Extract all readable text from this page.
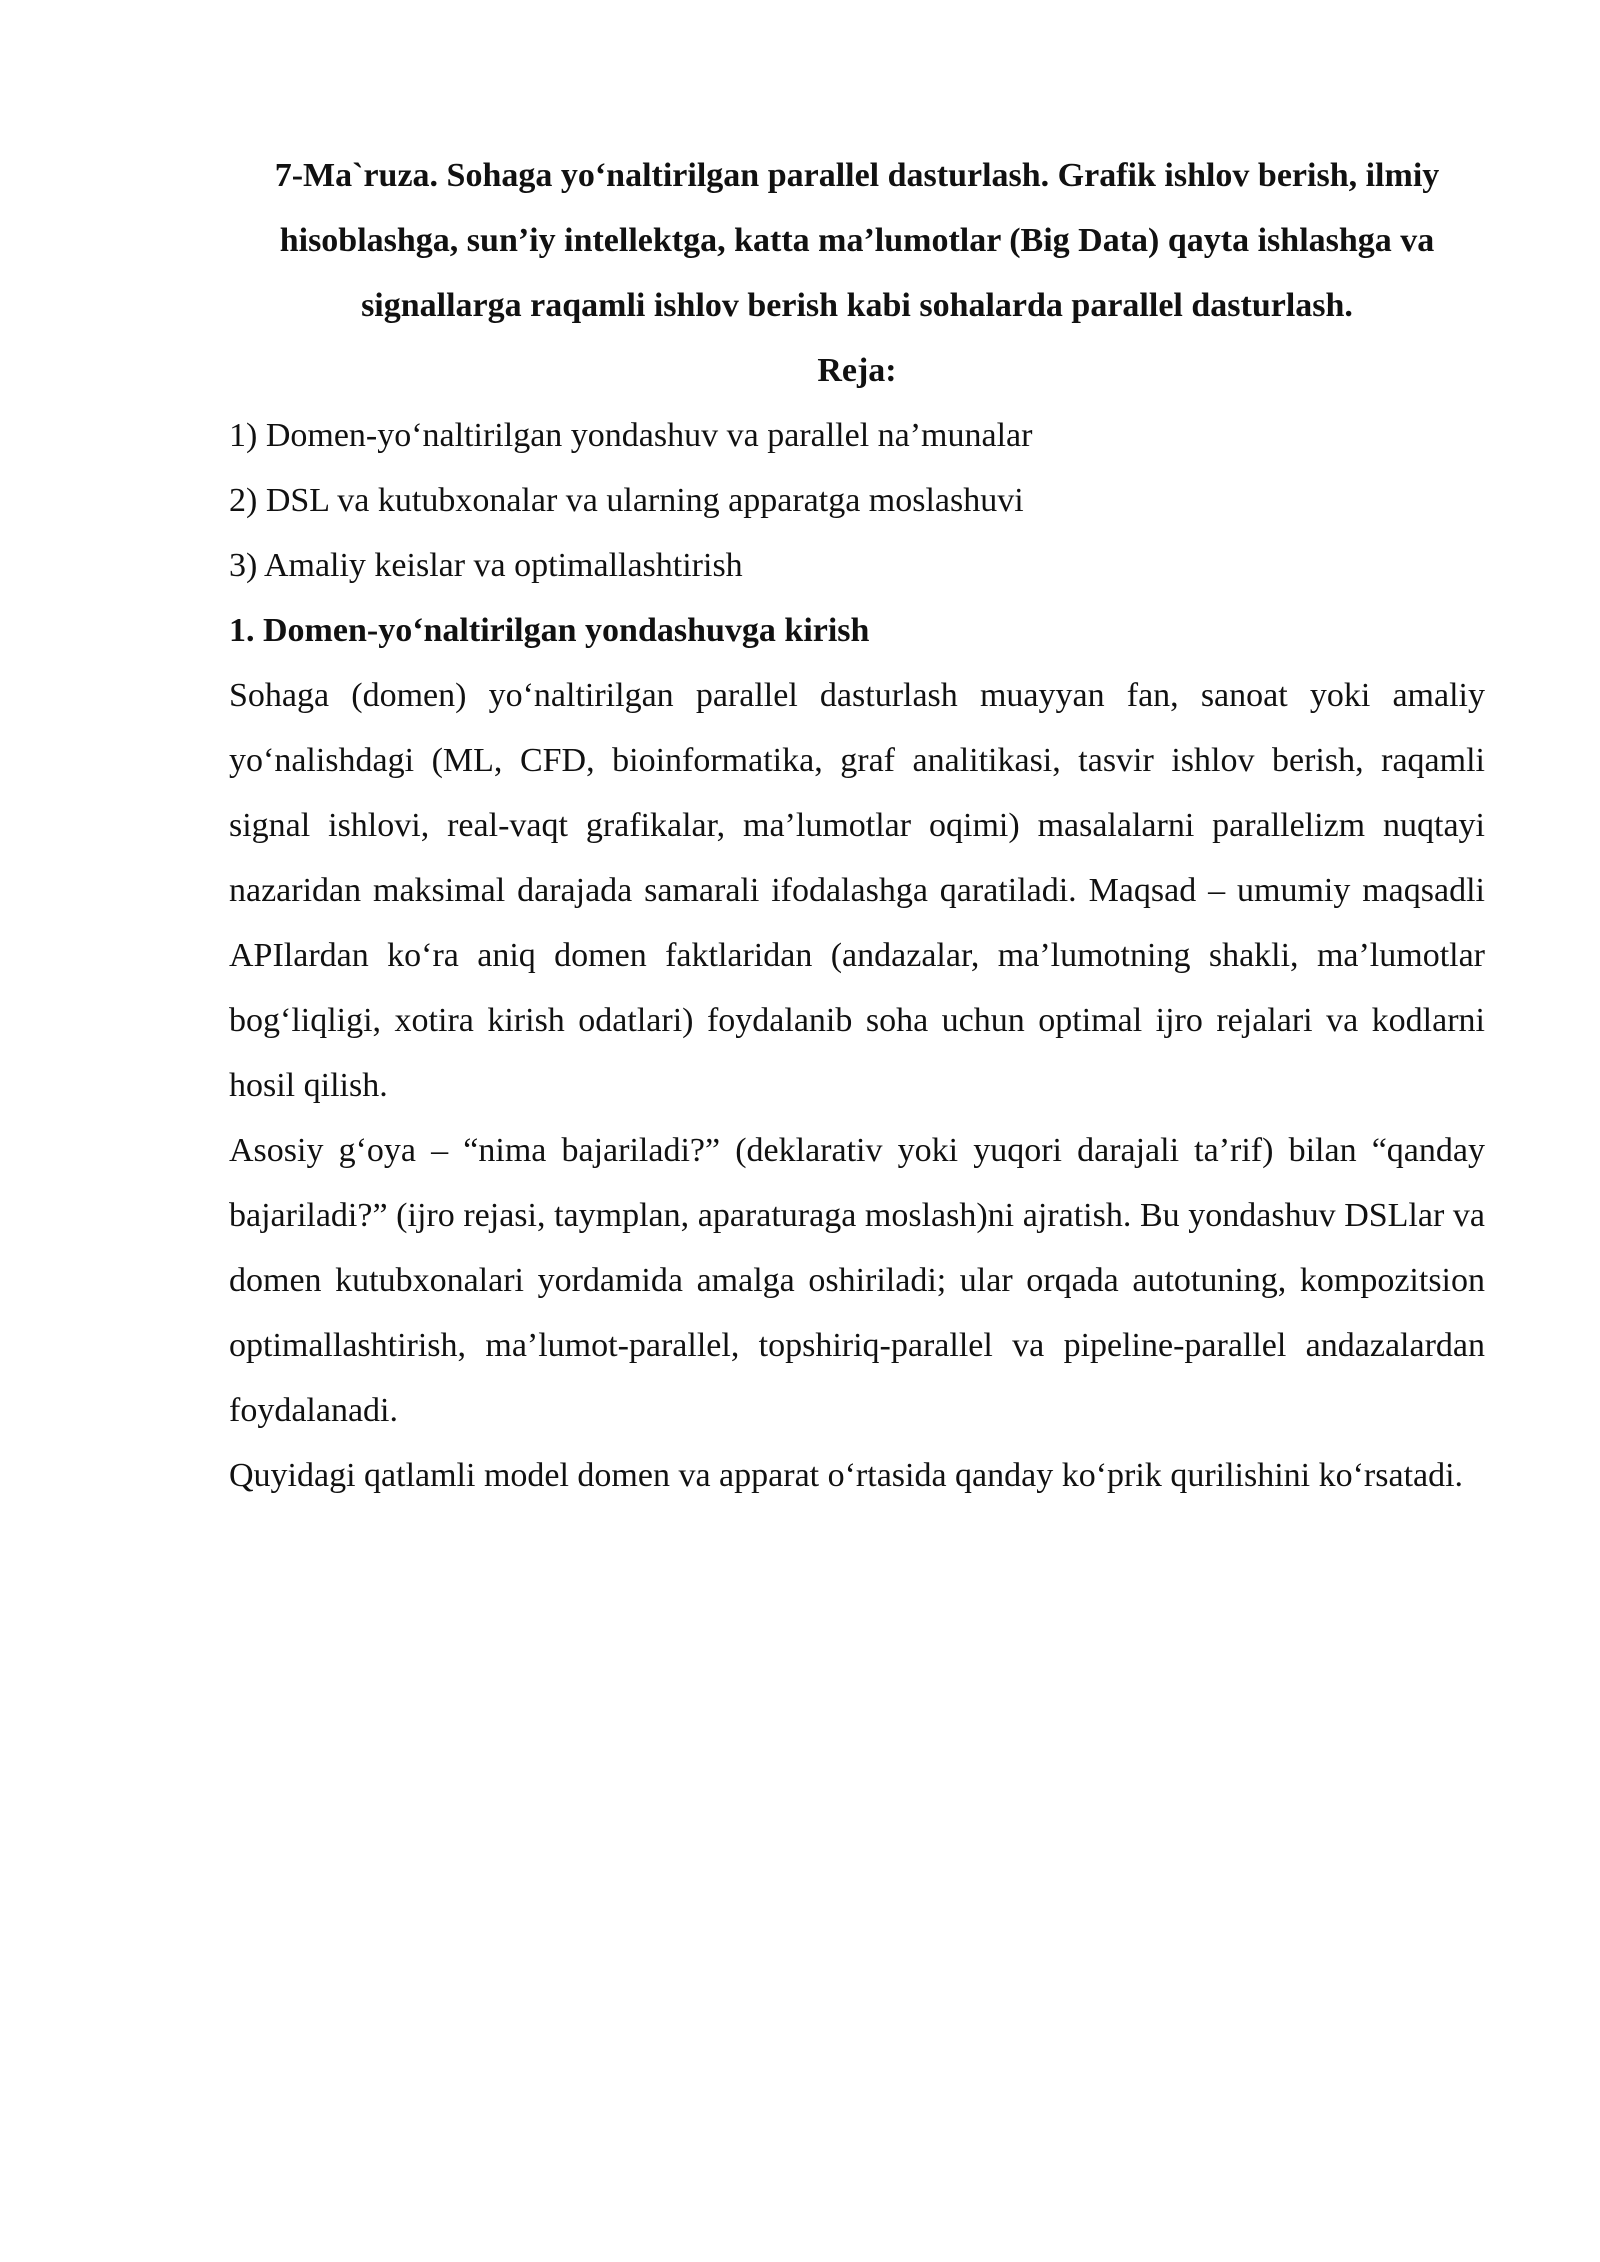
7-Ma`ruza. Sohaga yo‘naltirilgan parallel dasturlash. Grafik ishlov berish, ilmiy hisoblashga, sun’iy intellektga, katta ma’lumotlar (Big Data) qayta ishlashga va signallarga raqamli ishlov berish kabi sohalarda parallel dasturlash.

Reja:

1) Domen-yo‘naltirilgan yondashuv va parallel na’munalar
2) DSL va kutubxonalar va ularning apparatga moslashuvi
3) Amaliy keislar va optimallashtirish

1. Domen-yo‘naltirilgan yondashuvga kirish

Sohaga (domen) yo‘naltirilgan parallel dasturlash muayyan fan, sanoat yoki amaliy yo‘nalishdagi (ML, CFD, bioinformatika, graf analitikasi, tasvir ishlov berish, raqamli signal ishlovi, real-vaqt grafikalar, ma’lumotlar oqimi) masalalarni parallelizm nuqtayi nazaridan maksimal darajada samarali ifodalashga qaratiladi. Maqsad – umumiy maqsadli APIlardan ko‘ra aniq domen faktlaridan (andazalar, ma’lumotning shakli, ma’lumotlar bog‘liqligi, xotira kirish odatlari) foydalanib soha uchun optimal ijro rejalari va kodlarni hosil qilish.

Asosiy g‘oya – “nima bajariladi?” (deklarativ yoki yuqori darajali ta’rif) bilan “qanday bajariladi?” (ijro rejasi, taymplan, aparaturaga moslash)ni ajratish. Bu yondashuv DSLlar va domen kutubxonalari yordamida amalga oshiriladi; ular orqada autotuning, kompozitsion optimallashtirish, ma’lumot-parallel, topshiriq-parallel va pipeline-parallel andazalardan foydalanadi.

Quyidagi qatlamli model domen va apparat o‘rtasida qanday ko‘prik qurilishini ko‘rsatadi.
